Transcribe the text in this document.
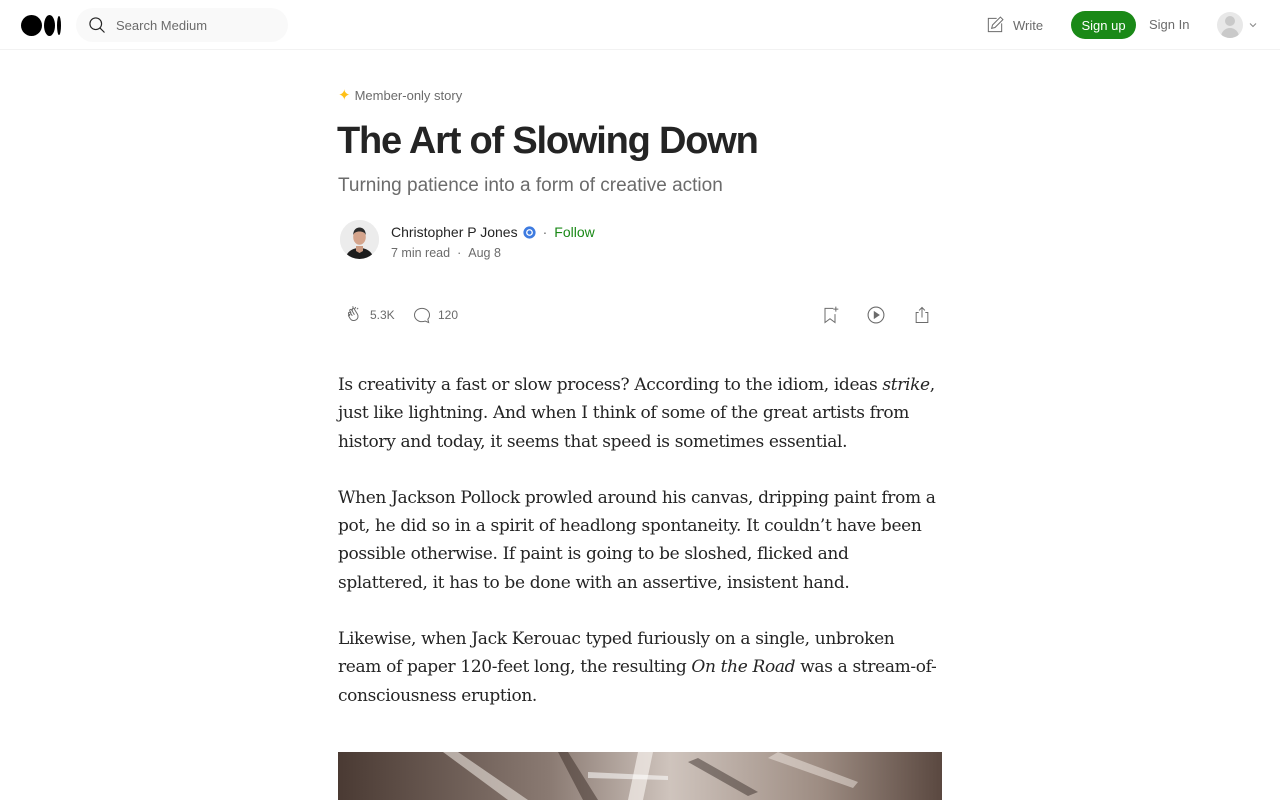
Search Medium
Write	Sign up	Sign In
✦ Member-only story
The Art of Slowing Down
Turning patience into a form of creative action
Christopher P Jones · Follow
7 min read · Aug 8
5.3K	120

Is creativity a fast or slow process? According to the idiom, ideas strike, just like lightning. And when I think of some of the great artists from history and today, it seems that speed is sometimes essential.

When Jackson Pollock prowled around his canvas, dripping paint from a pot, he did so in a spirit of headlong spontaneity. It couldn’t have been possible otherwise. If paint is going to be sloshed, flicked and splattered, it has to be done with an assertive, insistent hand.

Likewise, when Jack Kerouac typed furiously on a single, unbroken ream of paper 120-feet long, the resulting On the Road was a stream-of-consciousness eruption.
